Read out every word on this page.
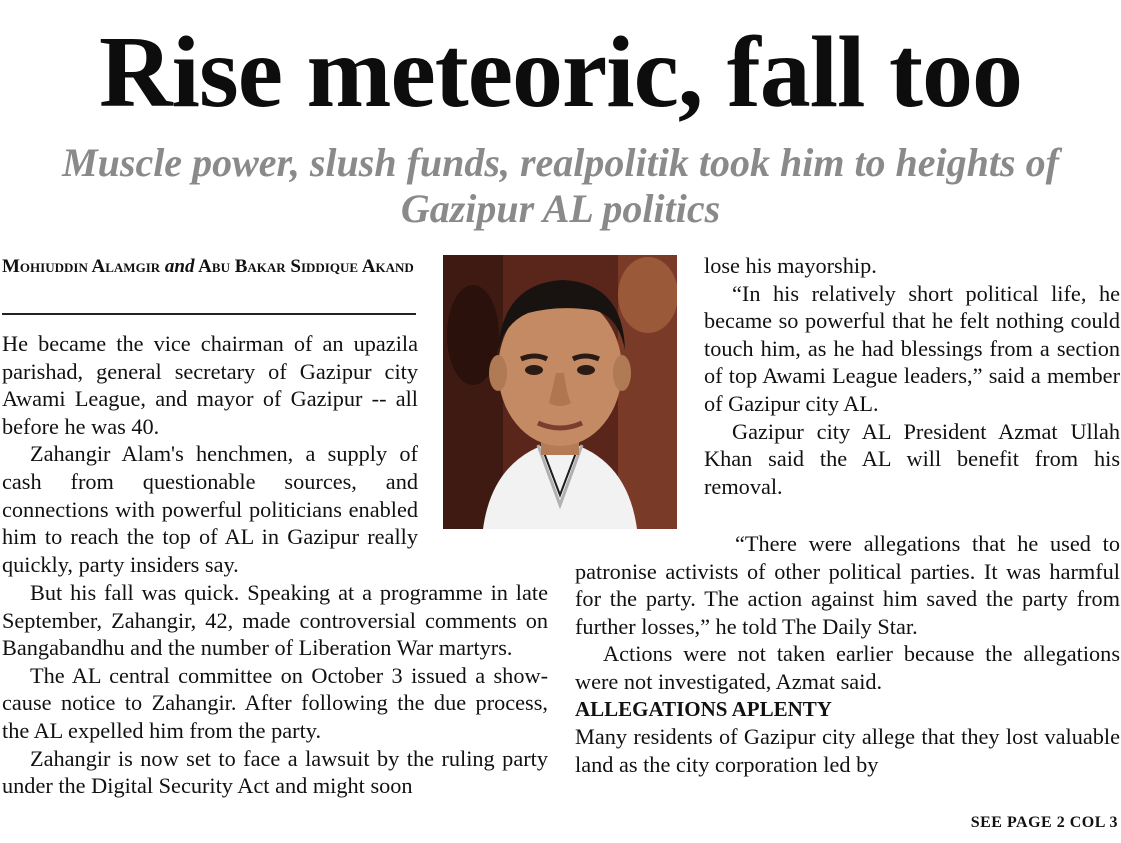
Rise meteoric, fall too
Muscle power, slush funds, realpolitik took him to heights of Gazipur AL politics
Mohiuddin Alamgir and Abu Bakar Siddique Akand

He became the vice chairman of an upazila parishad, general secretary of Gazipur city Awami League, and mayor of Gazipur -- all before he was 40.

Zahangir Alam's henchmen, a supply of cash from questionable sources, and connections with powerful politicians enabled him to reach the top of AL in Gazipur really quickly, party insiders say.

But his fall was quick. Speaking at a programme in late September, Zahangir, 42, made controversial comments on Bangabandhu and the number of Liberation War martyrs.

The AL central committee on October 3 issued a show-cause notice to Zahangir. After following the due process, the AL expelled him from the party.

Zahangir is now set to face a lawsuit by the ruling party under the Digital Security Act and might soon

lose his mayorship.

“In his relatively short political life, he became so powerful that he felt nothing could touch him, as he had blessings from a section of top Awami League leaders,” said a member of Gazipur city AL.

Gazipur city AL President Azmat Ullah Khan said the AL will benefit from his removal.

“There were allegations that he used to patronise activists of other political parties. It was harmful for the party. The action against him saved the party from further losses,” he told The Daily Star.

Actions were not taken earlier because the allegations were not investigated, Azmat said.

ALLEGATIONS APLENTY

Many residents of Gazipur city allege that they lost valuable land as the city corporation led by

SEE PAGE 2 COL 3
